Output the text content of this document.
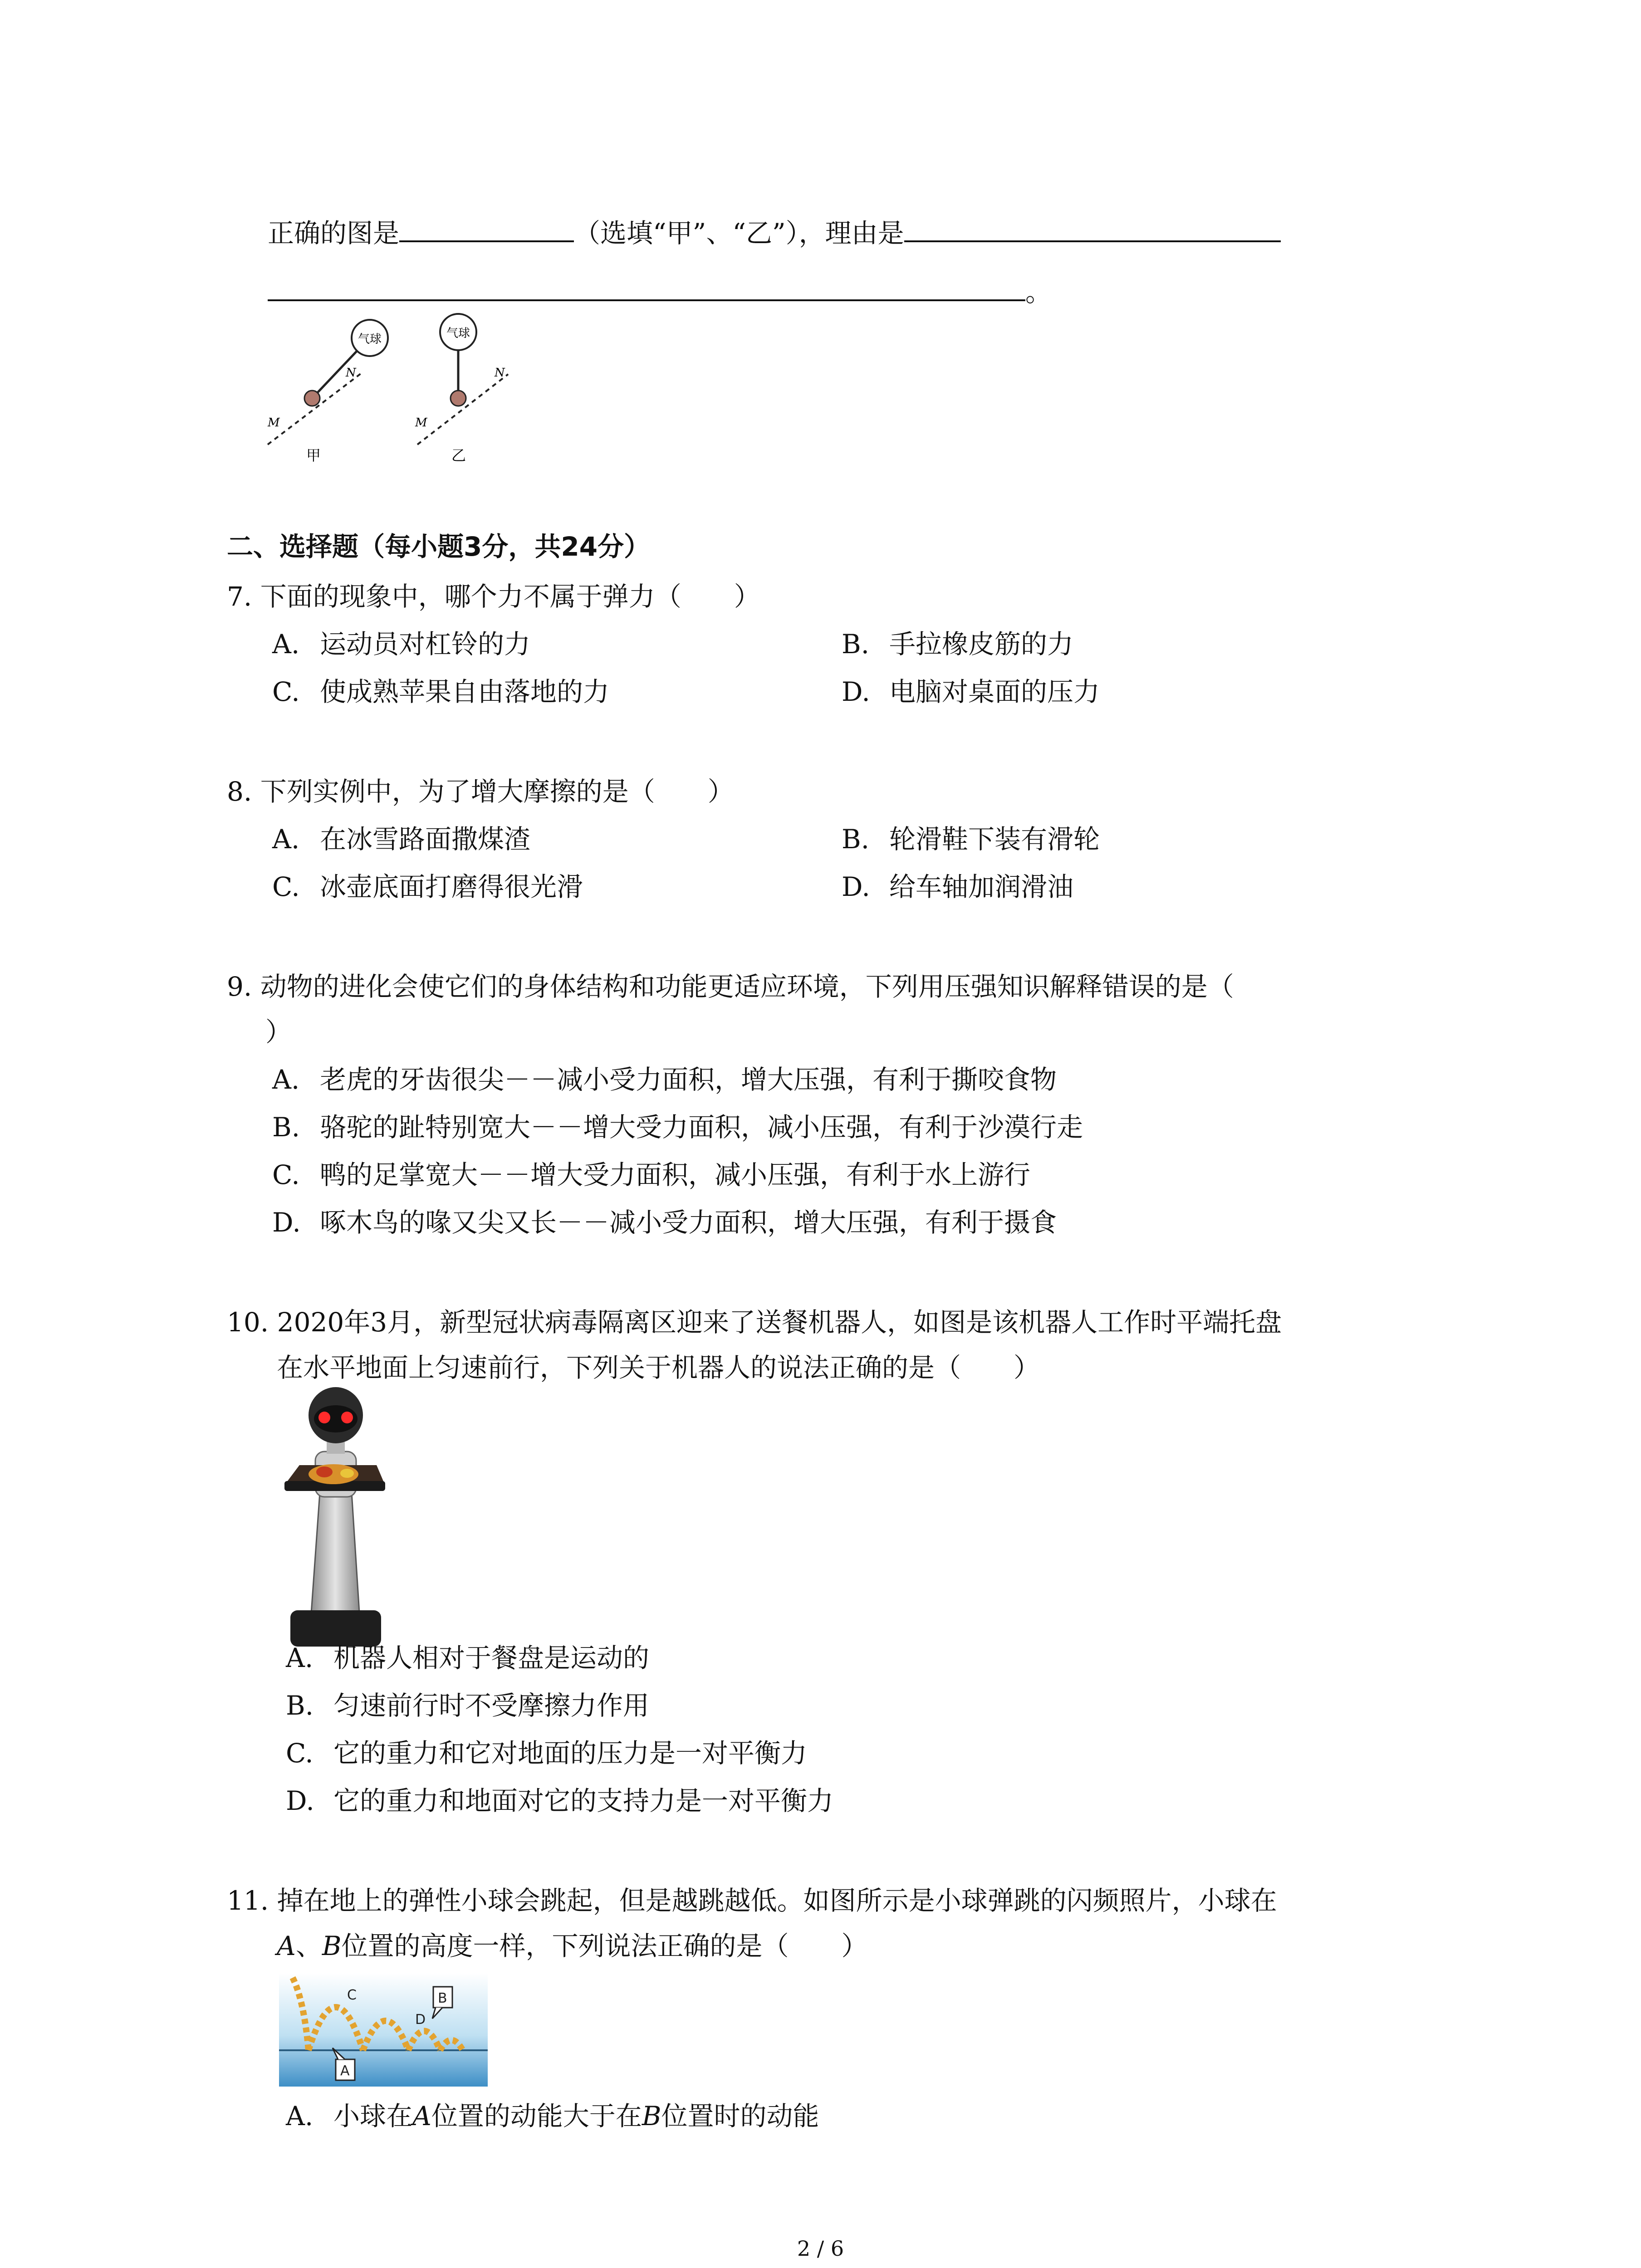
正确的图是	（选填“甲”、“乙”），理由是
。
气球
M
N
甲
气球
M
N
乙
二、选择题（每小题3分，共24分）
7. 下面的现象中，哪个力不属于弹力（　　）
A. 运动员对杠铃的力	B. 手拉橡皮筋的力
C. 使成熟苹果自由落地的力	D. 电脑对桌面的压力
8. 下列实例中，为了增大摩擦的是（　　）
A. 在冰雪路面撒煤渣	B. 轮滑鞋下装有滑轮
C. 冰壶底面打磨得很光滑	D. 给车轴加润滑油
9. 动物的进化会使它们的身体结构和功能更适应环境，下列用压强知识解释错误的是（
）
A. 老虎的牙齿很尖－－减小受力面积，增大压强，有利于撕咬食物
B. 骆驼的趾特别宽大－－增大受力面积，减小压强，有利于沙漠行走
C. 鸭的足掌宽大－－增大受力面积，减小压强，有利于水上游行
D. 啄木鸟的喙又尖又长－－减小受力面积，增大压强，有利于摄食
10. 2020年3月，新型冠状病毒隔离区迎来了送餐机器人，如图是该机器人工作时平端托盘
在水平地面上匀速前行，下列关于机器人的说法正确的是（　　）
A. 机器人相对于餐盘是运动的
B. 匀速前行时不受摩擦力作用
C. 它的重力和它对地面的压力是一对平衡力
D. 它的重力和地面对它的支持力是一对平衡力
11. 掉在地上的弹性小球会跳起，但是越跳越低。如图所示是小球弹跳的闪频照片，小球在
A、B位置的高度一样，下列说法正确的是（　　）
C
D
B
A
A. 小球在A位置的动能大于在B位置时的动能
2 / 6
